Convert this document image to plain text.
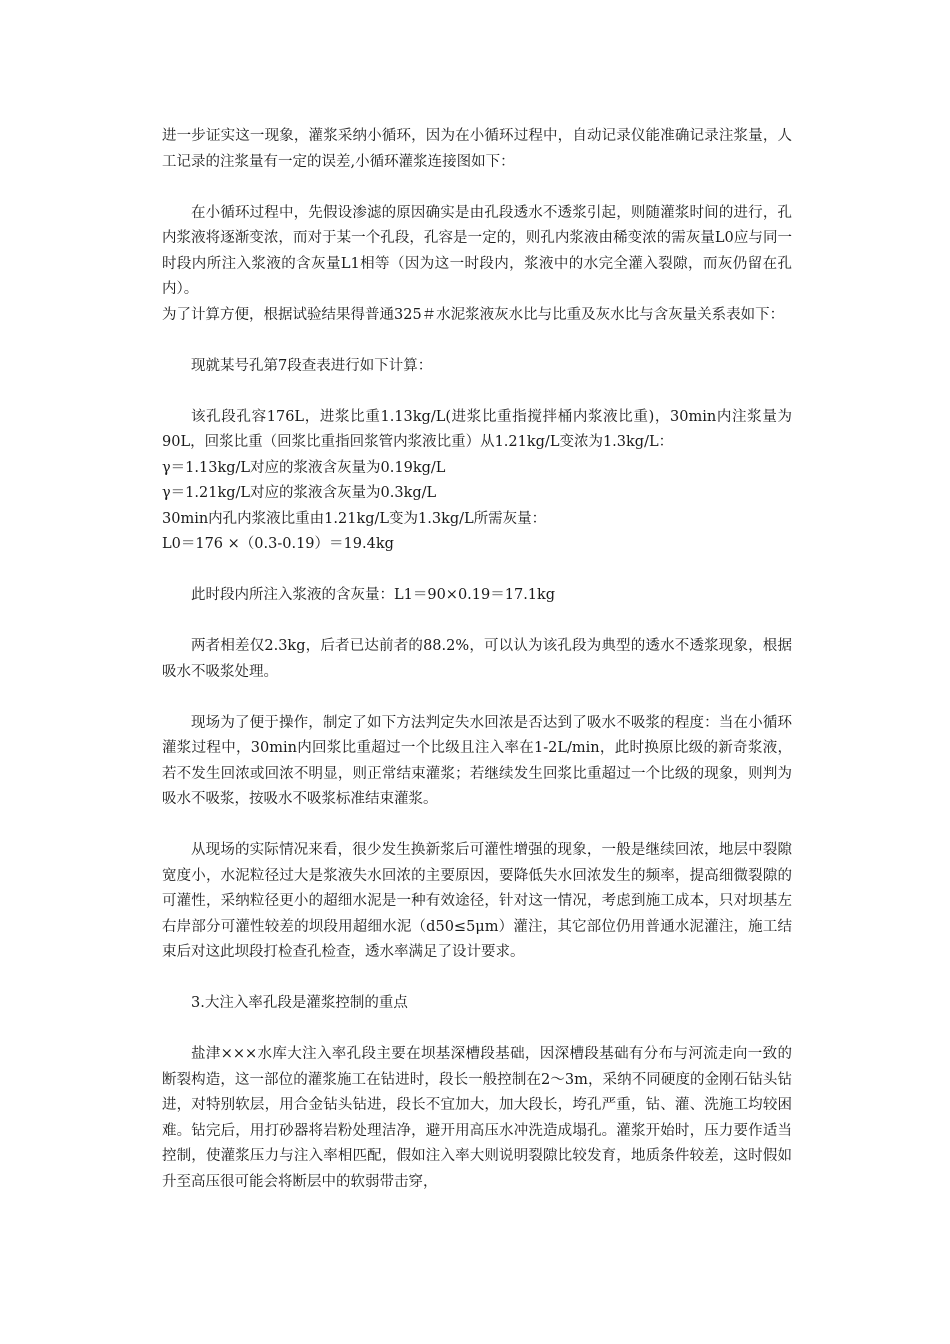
进一步证实这一现象，灌浆采纳小循环，因为在小循环过程中，自动记录仪能准确记录注浆量，人工记录的注浆量有一定的误差,小循环灌浆连接图如下：

在小循环过程中，先假设渗滤的原因确实是由孔段透水不透浆引起，则随灌浆时间的进行，孔内浆液将逐渐变浓，而对于某一个孔段，孔容是一定的，则孔内浆液由稀变浓的需灰量L0应与同一时段内所注入浆液的含灰量L1相等（因为这一时段内，浆液中的水完全灌入裂隙，而灰仍留在孔内）。

为了计算方便，根据试验结果得普通325＃水泥浆液灰水比与比重及灰水比与含灰量关系表如下：

现就某号孔第7段查表进行如下计算：

该孔段孔容176L，进浆比重1.13kg/L(进浆比重指搅拌桶内浆液比重)，30min内注浆量为90L，回浆比重（回浆比重指回浆管内浆液比重）从1.21kg/L变浓为1.3kg/L：

γ＝1.13kg/L对应的浆液含灰量为0.19kg/L

γ＝1.21kg/L对应的浆液含灰量为0.3kg/L

30min内孔内浆液比重由1.21kg/L变为1.3kg/L所需灰量：

L0＝176 ×（0.3-0.19）＝19.4kg

此时段内所注入浆液的含灰量：L1＝90×0.19＝17.1kg

两者相差仅2.3kg，后者已达前者的88.2%，可以认为该孔段为典型的透水不透浆现象，根据吸水不吸浆处理。

现场为了便于操作，制定了如下方法判定失水回浓是否达到了吸水不吸浆的程度：当在小循环灌浆过程中，30min内回浆比重超过一个比级且注入率在1-2L/min，此时换原比级的新奇浆液，若不发生回浓或回浓不明显，则正常结束灌浆；若继续发生回浆比重超过一个比级的现象，则判为吸水不吸浆，按吸水不吸浆标准结束灌浆。

从现场的实际情况来看，很少发生换新浆后可灌性增强的现象，一般是继续回浓，地层中裂隙宽度小，水泥粒径过大是浆液失水回浓的主要原因，要降低失水回浓发生的频率，提高细微裂隙的可灌性，采纳粒径更小的超细水泥是一种有效途径，针对这一情况，考虑到施工成本，只对坝基左右岸部分可灌性较差的坝段用超细水泥（d50≤5μm）灌注，其它部位仍用普通水泥灌注，施工结束后对这此坝段打检查孔检查，透水率满足了设计要求。

3.大注入率孔段是灌浆控制的重点

盐津×××水库大注入率孔段主要在坝基深槽段基础，因深槽段基础有分布与河流走向一致的断裂构造，这一部位的灌浆施工在钻进时，段长一般控制在2～3m，采纳不同硬度的金刚石钻头钻进，对特别软层，用合金钻头钻进，段长不宜加大，加大段长，垮孔严重，钻、灌、洗施工均较困难。钻完后，用打砂器将岩粉处理洁净，避开用高压水冲洗造成塌孔。灌浆开始时，压力要作适当控制，使灌浆压力与注入率相匹配，假如注入率大则说明裂隙比较发育，地质条件较差，这时假如升至高压很可能会将断层中的软弱带击穿，
